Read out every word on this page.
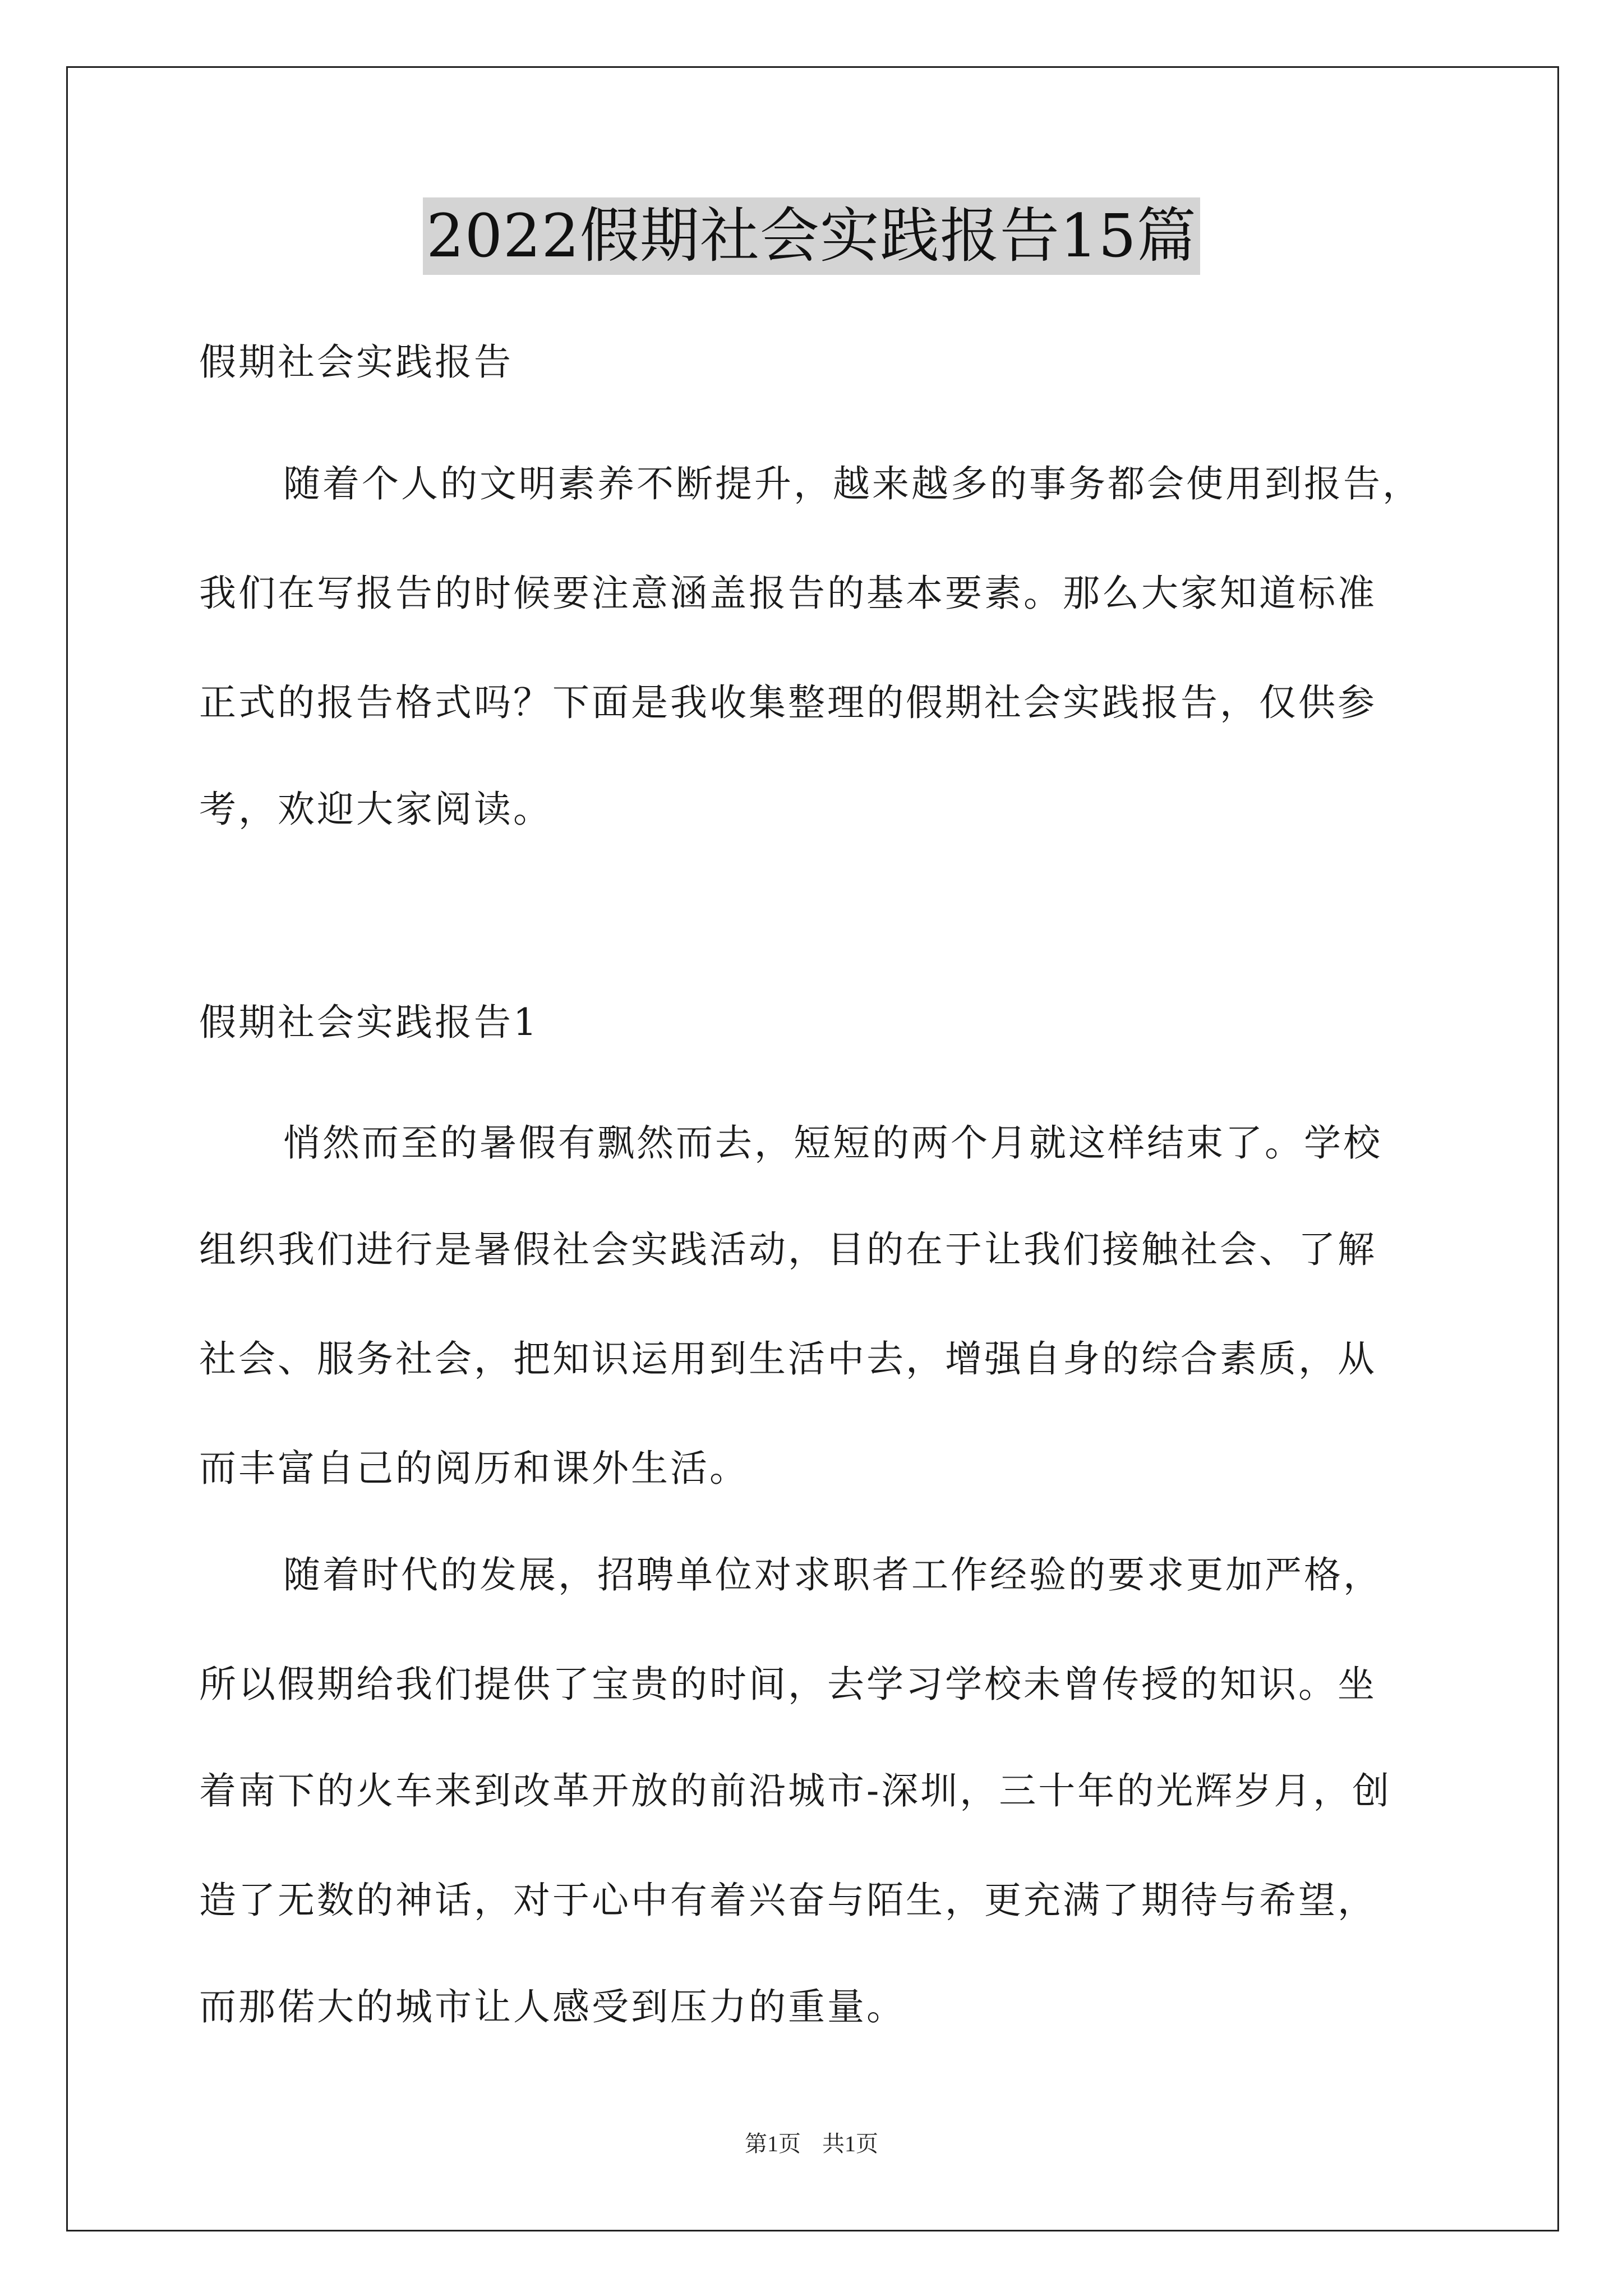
2022假期社会实践报告15篇
假期社会实践报告
随着个人的文明素养不断提升，越来越多的事务都会使用到报告，
我们在写报告的时候要注意涵盖报告的基本要素。那么大家知道标准
正式的报告格式吗？下面是我收集整理的假期社会实践报告，仅供参
考，欢迎大家阅读。
假期社会实践报告1
悄然而至的暑假有飘然而去，短短的两个月就这样结束了。学校
组织我们进行是暑假社会实践活动，目的在于让我们接触社会、了解
社会、服务社会，把知识运用到生活中去，增强自身的综合素质，从
而丰富自己的阅历和课外生活。
随着时代的发展，招聘单位对求职者工作经验的要求更加严格，
所以假期给我们提供了宝贵的时间，去学习学校未曾传授的知识。坐
着南下的火车来到改革开放的前沿城市-深圳，三十年的光辉岁月，创
造了无数的神话，对于心中有着兴奋与陌生，更充满了期待与希望，
而那偌大的城市让人感受到压力的重量。
第1页 共1页
